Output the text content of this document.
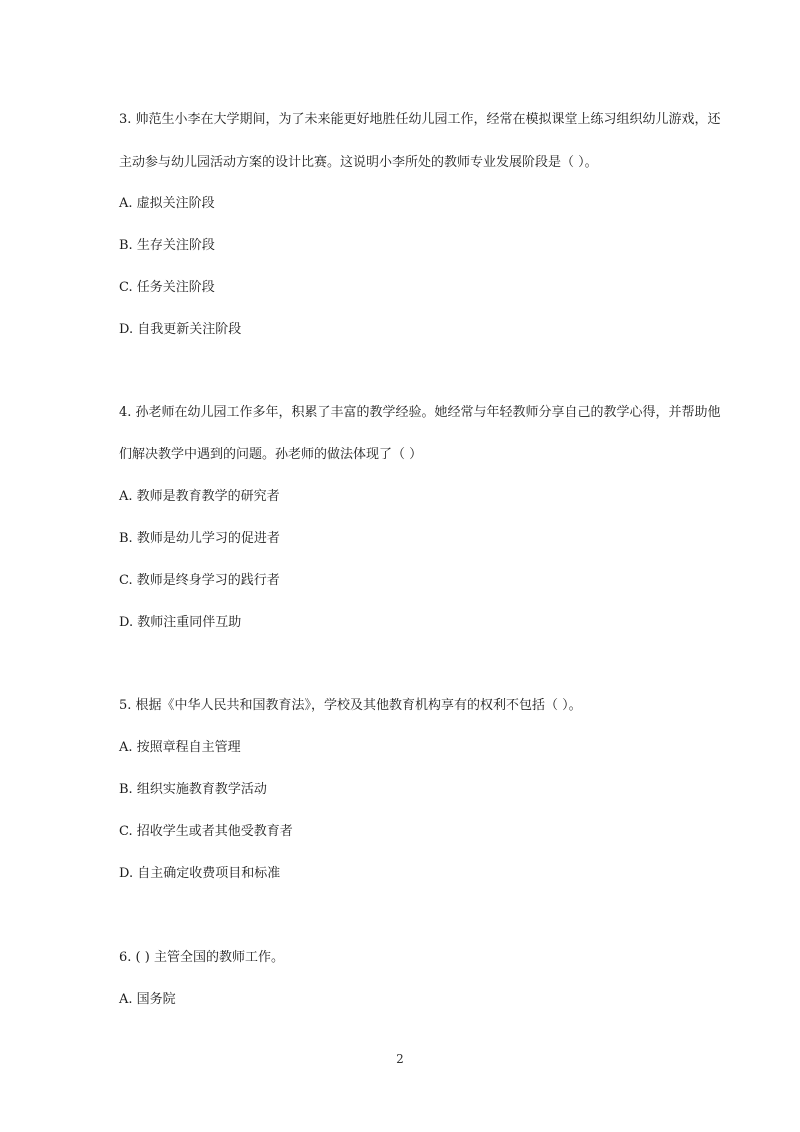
3. 帅范生小李在大学期间，为了未来能更好地胜任幼儿园工作，经常在模拟课堂上练习组织幼儿游戏，还
主动参与幼儿园活动方案的设计比赛。这说明小李所处的教师专业发展阶段是（ ）。
A. 虚拟关注阶段
B. 生存关注阶段
C. 任务关注阶段
D. 自我更新关注阶段
4. 孙老师在幼儿园工作多年，积累了丰富的教学经验。她经常与年轻教师分享自己的教学心得，并帮助他
们解决教学中遇到的问题。孙老师的做法体现了（ ）
A. 教师是教育教学的研究者
B. 教师是幼儿学习的促进者
C. 教师是终身学习的践行者
D. 教师注重同伴互助
5. 根据《中华人民共和国教育法》，学校及其他教育机构享有的权利不包括（ ）。
A. 按照章程自主管理
B. 组织实施教育教学活动
C. 招收学生或者其他受教育者
D. 自主确定收费项目和标准
6. ( ) 主管全国的教师工作。
A. 国务院
2
